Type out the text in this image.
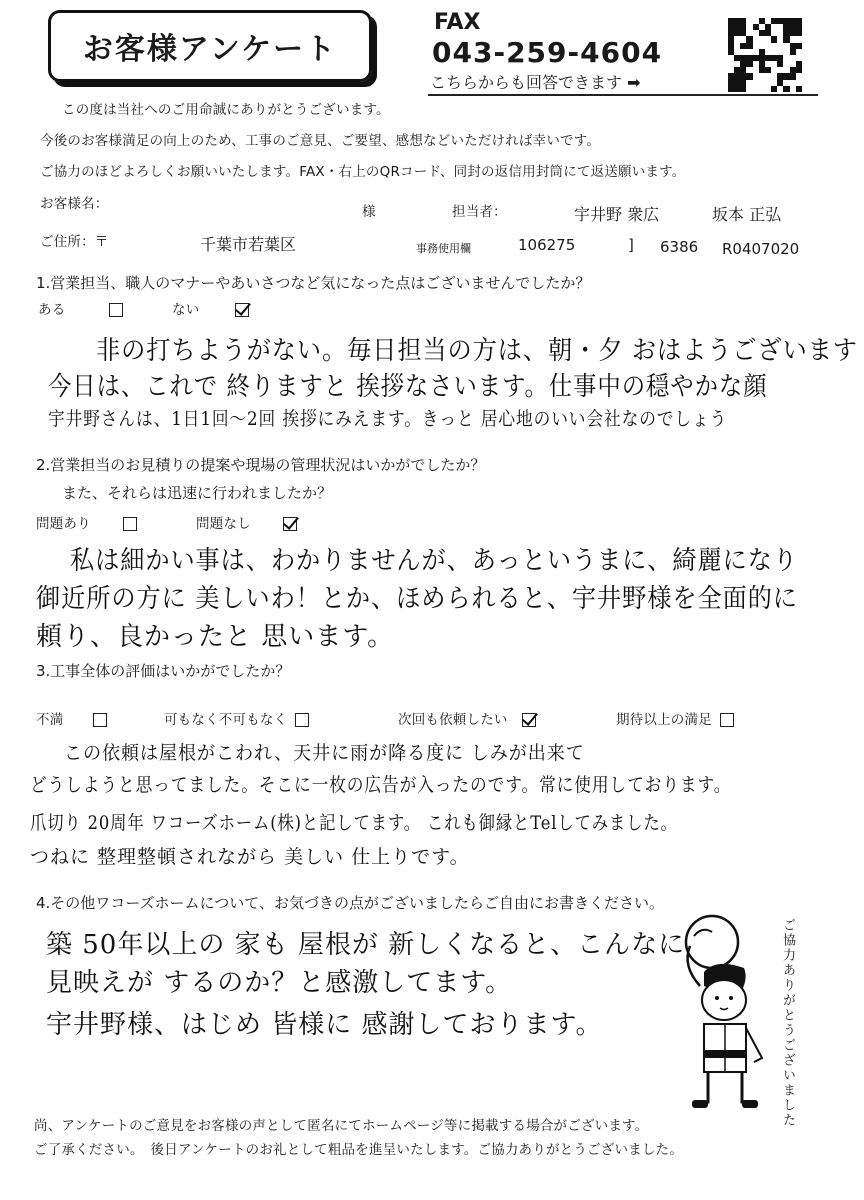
お客様アンケート
FAX
043-259-4604
こちらからも回答できます ➡
この度は当社へのご用命誠にありがとうございます。
今後のお客様満足の向上のため、工事のご意見、ご要望、感想などいただければ幸いです。
ご協力のほどよろしくお願いいたします。FAX・右上のQRコード、同封の返信用封筒にて返送願います。
お客様名：	様	担当者：	宇井野 衆広	坂本 正弘
ご住所：〒	千葉市若葉区	事務使用欄	106275	] 6386 R0407020
1.営業担当、職人のマナーやあいさつなど気になった点はございませんでしたか？
ある	ない
非の打ちようがない。毎日担当の方は、朝・夕 おはようございます
今日は、これで 終りますと 挨拶なさいます。仕事中の穏やかな顔
宇井野さんは、1日1回〜2回 挨拶にみえます。きっと 居心地のいい会社なのでしょう
2.営業担当のお見積りの提案や現場の管理状況はいかがでしたか？
また、それらは迅速に行われましたか？
問題あり	問題なし
私は細かい事は、わかりませんが、あっというまに、綺麗になり
御近所の方に 美しいわ！とか、ほめられると、宇井野様を全面的に
頼り、良かったと 思います。
3.工事全体の評価はいかがでしたか？
不満	可もなく不可もなく	次回も依頼したい	期待以上の満足
この依頼は屋根がこわれ、天井に雨が降る度に しみが出来て
どうしようと思ってました。そこに一枚の広告が入ったのです。常に使用しております。
爪切り 20周年 ワコーズホーム(株)と記してます。 これも御縁とTelしてみました。
つねに 整理整頓されながら 美しい 仕上りです。
4.その他ワコーズホームについて、お気づきの点がございましたらご自由にお書きください。
築 50年以上の 家も 屋根が 新しくなると、こんなに
見映えが するのか？と感激してます。
宇井野様、はじめ 皆様に 感謝しております。	ご協力ありがとうございました
尚、アンケートのご意見をお客様の声として匿名にてホームページ等に掲載する場合がございます。
ご了承ください。　後日アンケートのお礼として粗品を進呈いたします。ご協力ありがとうございました。
